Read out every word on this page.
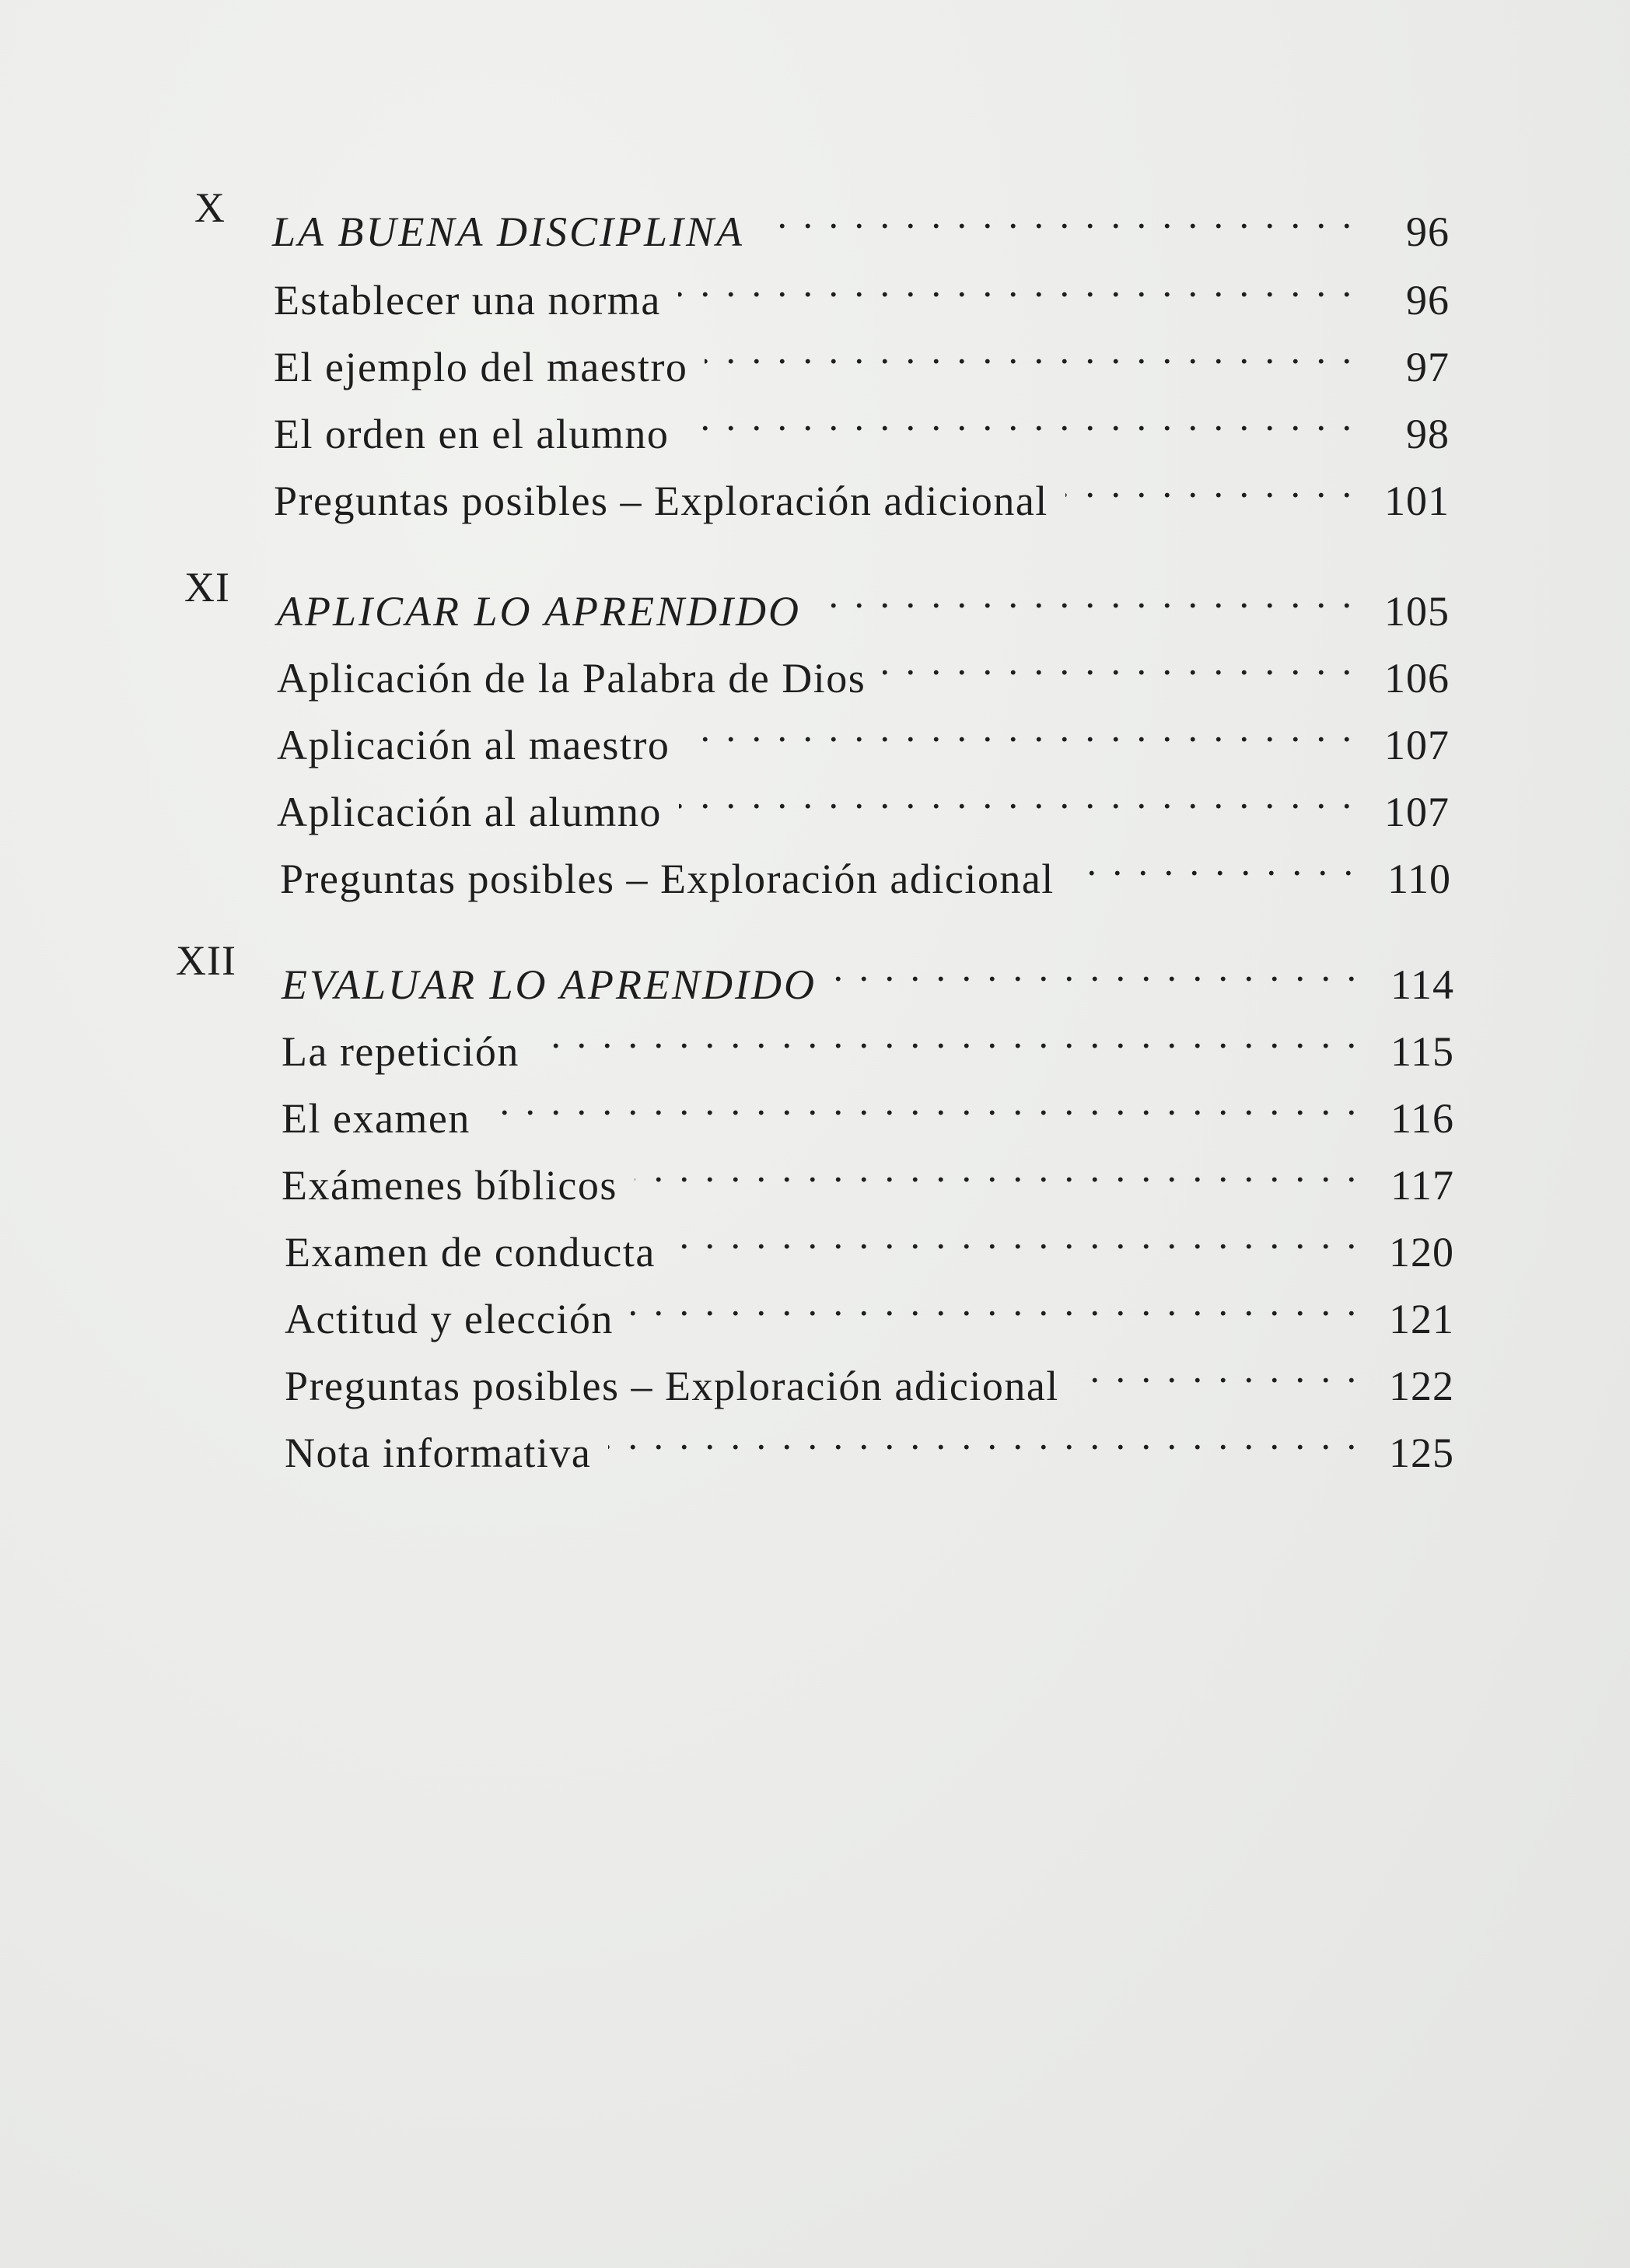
X
LA BUENA DISCIPLINA . . .	96
Establecer una norma . . .	96
El ejemplo del maestro . . .	97
El orden en el alumno . . .	98
Preguntas posibles – Exploración adicional . . .	101
XI
APLICAR LO APRENDIDO . . .	105
Aplicación de la Palabra de Dios . . .	106
Aplicación al maestro . . .	107
Aplicación al alumno . . .	107
Preguntas posibles – Exploración adicional . . .	110
XII
EVALUAR LO APRENDIDO . . .	114
La repetición . . .	115
El examen . . .	116
Exámenes bíblicos . . .	117
Examen de conducta . . .	120
Actitud y elección . . .	121
Preguntas posibles – Exploración adicional . . .	122
Nota informativa . . .	125
